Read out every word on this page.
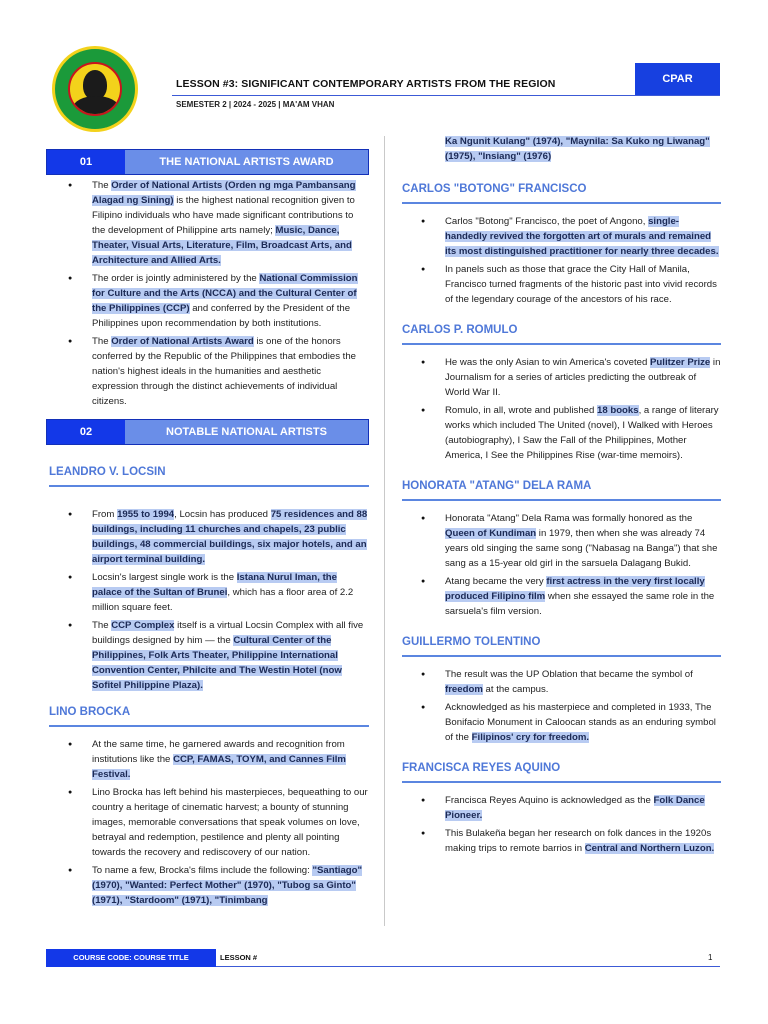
LESSON #3: SIGNIFICANT CONTEMPORARY ARTISTS FROM THE REGION
SEMESTER 2 | 2024 - 2025 | MA'AM VHAN
CPAR
01	THE NATIONAL ARTISTS AWARD
● The Order of National Artists (Orden ng mga Pambansang Alagad ng Sining) is the highest national recognition given to Filipino individuals who have made significant contributions to the development of Philippine arts namely; Music, Dance, Theater, Visual Arts, Literature, Film, Broadcast Arts, and Architecture and Allied Arts.
● The order is jointly administered by the National Commission for Culture and the Arts (NCCA) and the Cultural Center of the Philippines (CCP) and conferred by the President of the Philippines upon recommendation by both institutions.
● The Order of National Artists Award is one of the honors conferred by the Republic of the Philippines that embodies the nation's highest ideals in the humanities and aesthetic expression through the distinct achievements of individual citizens.
02	NOTABLE NATIONAL ARTISTS
LEANDRO V. LOCSIN
● From 1955 to 1994, Locsin has produced 75 residences and 88 buildings, including 11 churches and chapels, 23 public buildings, 48 commercial buildings, six major hotels, and an airport terminal building.
● Locsin's largest single work is the Istana Nurul Iman, the palace of the Sultan of Brunei, which has a floor area of 2.2 million square feet.
● The CCP Complex itself is a virtual Locsin Complex with all five buildings designed by him — the Cultural Center of the Philippines, Folk Arts Theater, Philippine International Convention Center, Philcite and The Westin Hotel (now Sofitel Philippine Plaza).
LINO BROCKA
● At the same time, he garnered awards and recognition from institutions like the CCP, FAMAS, TOYM, and Cannes Film Festival.
● Lino Brocka has left behind his masterpieces, bequeathing to our country a heritage of cinematic harvest; a bounty of stunning images, memorable conversations that speak volumes on love, betrayal and redemption, pestilence and plenty all pointing towards the recovery and rediscovery of our nation.
● To name a few, Brocka's films include the following: "Santiago" (1970), "Wanted: Perfect Mother" (1970), "Tubog sa Ginto" (1971), "Stardoom" (1971), "Tinimbang
Ka Ngunit Kulang" (1974), "Maynila: Sa Kuko ng Liwanag" (1975), "Insiang" (1976)
CARLOS "BOTONG" FRANCISCO
● Carlos "Botong" Francisco, the poet of Angono, single-handedly revived the forgotten art of murals and remained its most distinguished practitioner for nearly three decades.
● In panels such as those that grace the City Hall of Manila, Francisco turned fragments of the historic past into vivid records of the legendary courage of the ancestors of his race.
CARLOS P. ROMULO
● He was the only Asian to win America's coveted Pulitzer Prize in Journalism for a series of articles predicting the outbreak of World War II.
● Romulo, in all, wrote and published 18 books, a range of literary works which included The United (novel), I Walked with Heroes (autobiography), I Saw the Fall of the Philippines, Mother America, I See the Philippines Rise (war-time memoirs).
HONORATA "ATANG" DELA RAMA
● Honorata "Atang" Dela Rama was formally honored as the Queen of Kundiman in 1979, then when she was already 74 years old singing the same song ("Nabasag na Banga") that she sang as a 15-year old girl in the sarsuela Dalagang Bukid.
● Atang became the very first actress in the very first locally produced Filipino film when she essayed the same role in the sarsuela's film version.
GUILLERMO TOLENTINO
● The result was the UP Oblation that became the symbol of freedom at the campus.
● Acknowledged as his masterpiece and completed in 1933, The Bonifacio Monument in Caloocan stands as an enduring symbol of the Filipinos' cry for freedom.
FRANCISCA REYES AQUINO
● Francisca Reyes Aquino is acknowledged as the Folk Dance Pioneer.
● This Bulakeña began her research on folk dances in the 1920s making trips to remote barrios in Central and Northern Luzon.
COURSE CODE: COURSE TITLE	LESSON #	1
